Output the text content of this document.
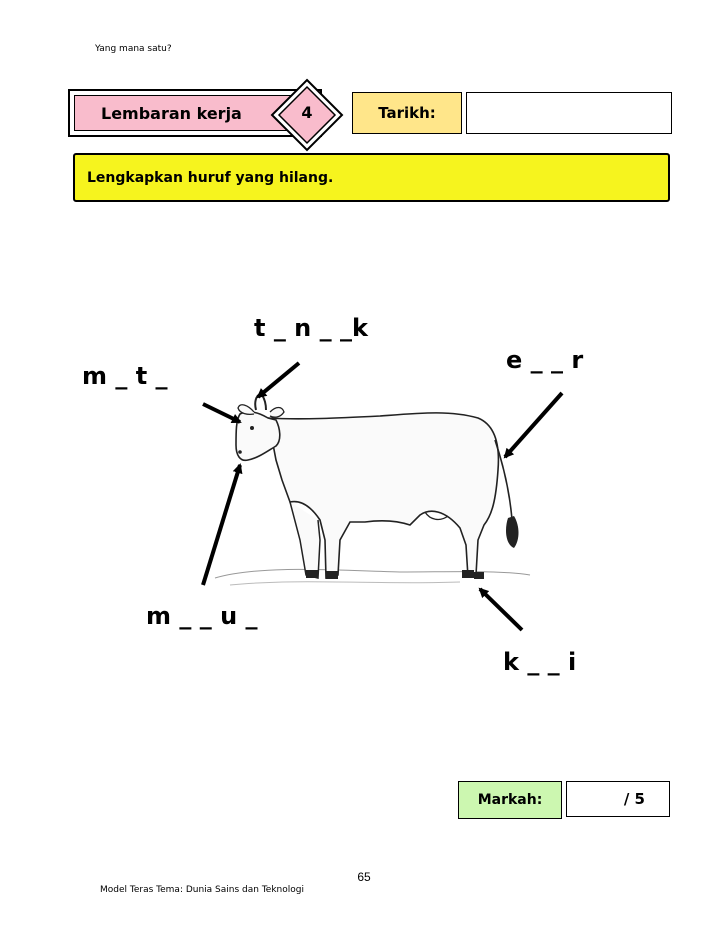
Yang mana satu?
Lembaran kerja	4	Tarikh:
Lengkapkan huruf yang hilang.
t _ n _ _k
m _ t _
e _ _ r
m _ _ u _
k _ _ i
Markah:	/ 5
65
Model Teras Tema: Dunia Sains dan Teknologi
